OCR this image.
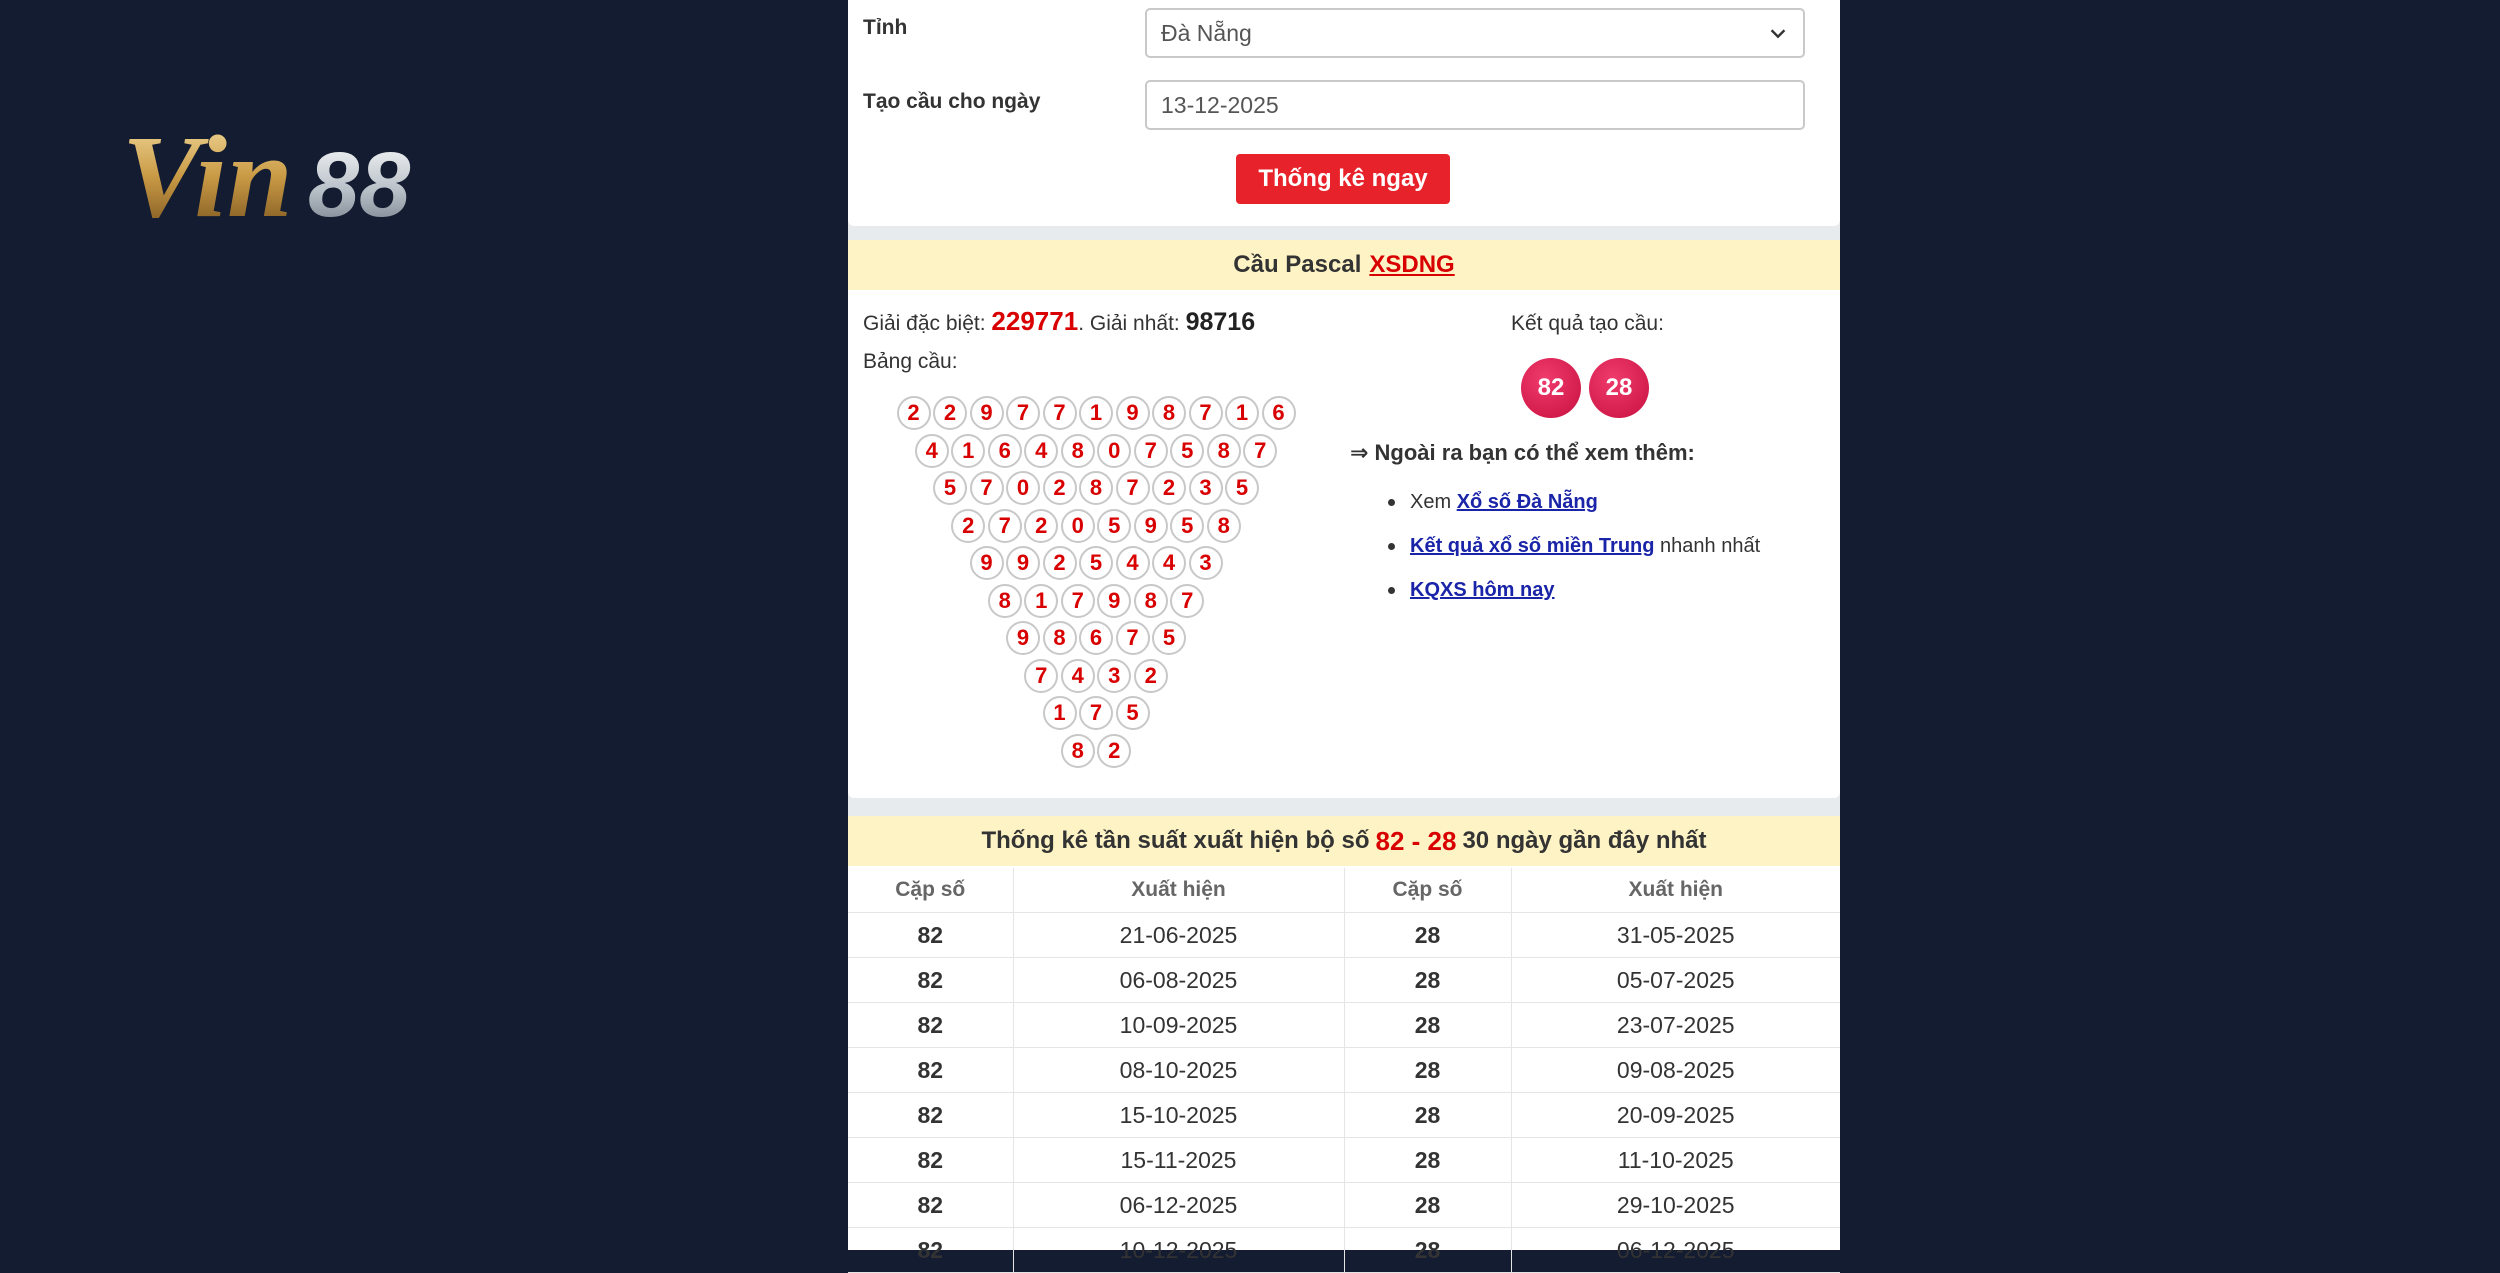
Vin 88
Tỉnh	Đà Nẵng
Tạo cầu cho ngày
13-12-2025
Thống kê ngay
Cầu Pascal XSDNG
Giải đặc biệt: 229771. Giải nhất: 98716
Bảng cầu:
2	2	9	7	7	1	9	8	7	1	6
4	1	6	4	8	0	7	5	8	7
5	7	0	2	8	7	2	3	5
2	7	2	0	5	9	5	8
9	9	2	5	4	4	3
8	1	7	9	8	7
9	8	6	7	5
7	4	3	2
1	7	5
8	2
Kết quả tạo cầu:
82	28
⇒ Ngoài ra bạn có thể xem thêm:
Xem Xổ số Đà Nẵng
Kết quả xổ số miền Trung nhanh nhất
KQXS hôm nay
Thống kê tần suất xuất hiện bộ số 82 - 28 30 ngày gần đây nhất
Cặp số	Xuất hiện	Cặp số	Xuất hiện
82	21-06-2025	28	31-05-2025
82	06-08-2025	28	05-07-2025
82	10-09-2025	28	23-07-2025
82	08-10-2025	28	09-08-2025
82	15-10-2025	28	20-09-2025
82	15-11-2025	28	11-10-2025
82	06-12-2025	28	29-10-2025
82	10-12-2025	28	06-12-2025
